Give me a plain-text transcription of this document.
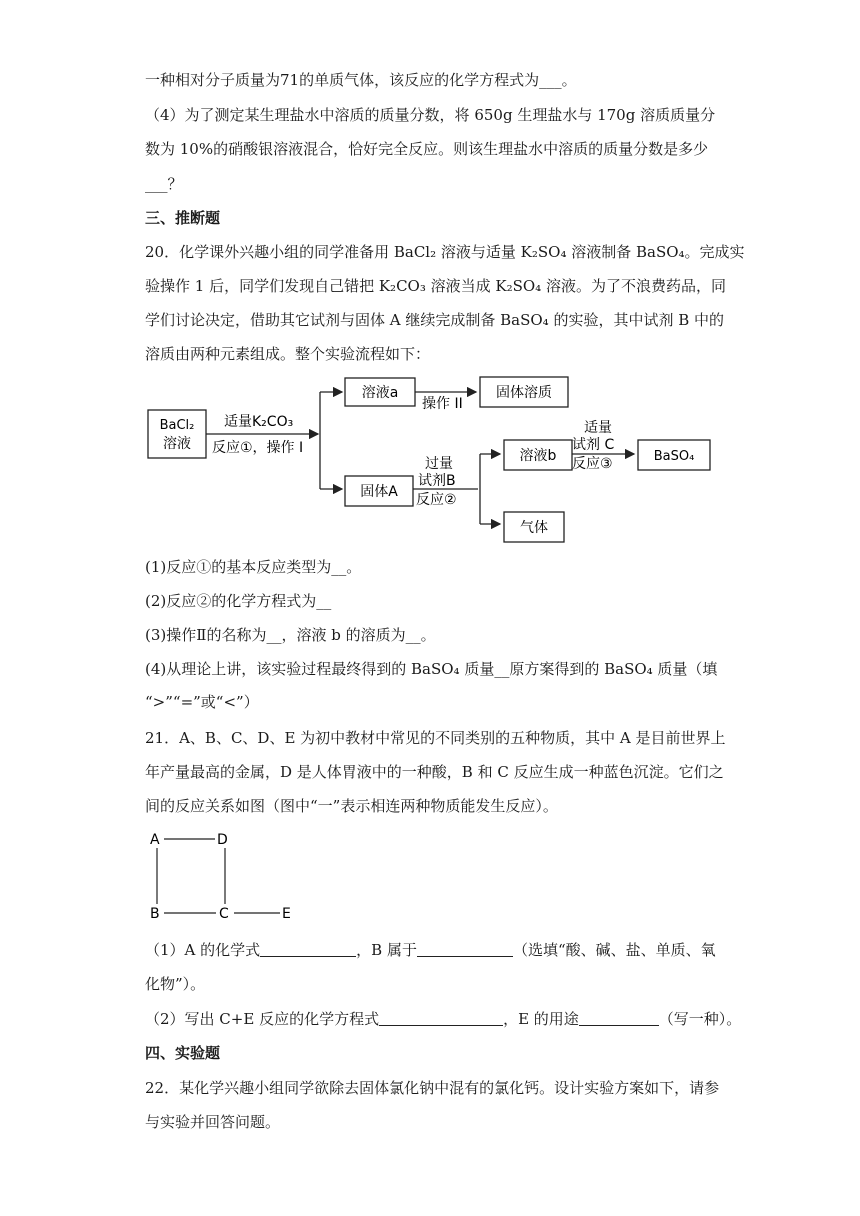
一种相对分子质量为71的单质气体，该反应的化学方程式为___。
（4）为了测定某生理盐水中溶质的质量分数，将 650g 生理盐水与 170g 溶质质量分
数为 10%的硝酸银溶液混合，恰好完全反应。则该生理盐水中溶质的质量分数是多少
___？
三、推断题
20．化学课外兴趣小组的同学准备用 BaCl₂ 溶液与适量 K₂SO₄ 溶液制备 BaSO₄。完成实
验操作 1 后，同学们发现自己错把 K₂CO₃ 溶液当成 K₂SO₄ 溶液。为了不浪费药品，同
学们讨论决定，借助其它试剂与固体 A 继续完成制备 BaSO₄ 的实验，其中试剂 B 中的
溶质由两种元素组成。整个实验流程如下：
BaCl₂
溶液
适量K₂CO₃
反应①，操作 I
溶液a
操作 II
固体溶质
固体A
过量
试剂B
反应②
溶液b
适量
试剂 C
反应③	BaSO₄
气体
(1)反应①的基本反应类型为__。
(2)反应②的化学方程式为__
(3)操作Ⅱ的名称为__，溶液 b 的溶质为__。
(4)从理论上讲，该实验过程最终得到的 BaSO₄ 质量__原方案得到的 BaSO₄ 质量（填
“>”“=”或“<”）
21．A、B、C、D、E 为初中教材中常见的不同类别的五种物质，其中 A 是目前世界上
年产量最高的金属，D 是人体胃液中的一种酸，B 和 C 反应生成一种蓝色沉淀。它们之
间的反应关系如图（图中“一”表示相连两种物质能发生反应）。
A	D
B	C	E
（1）A 的化学式	，B 属于	（选填“酸、碱、盐、单质、氧
化物”）。
（2）写出 C+E 反应的化学方程式	，E 的用途	（写一种）。
四、实验题
22．某化学兴趣小组同学欲除去固体氯化钠中混有的氯化钙。设计实验方案如下，请参
与实验并回答问题。
